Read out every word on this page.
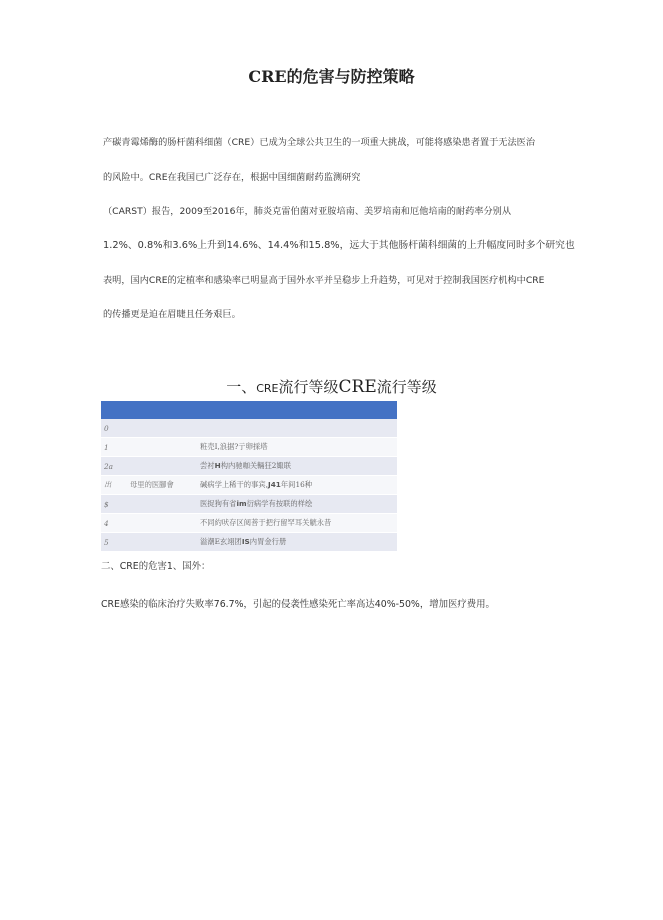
CRE的危害与防控策略
产碳青霉烯酶的肠杆菌科细菌（CRE）已成为全球公共卫生的一项重大挑战，可能将感染患者置于无法医治
的风险中。CRE在我国已广泛存在，根据中国细菌耐药监测研究
（CARST）报告，2009至2016年，肺炎克雷伯菌对亚胺培南、美罗培南和厄他培南的耐药率分别从
1.2%、0.8%和3.6%上升到14.6%、14.4%和15.8%，远大于其他肠杆菌科细菌的上升幅度同时多个研究也
表明，国内CRE的定植率和感染率已明显高于国外水平并呈稳步上升趋势，可见对于控制我国医疗机构中CRE
的传播更是迫在眉睫且任务艰巨。
一、CRE流行等级CRE流行等级

0		
1		粧売Ⅰ,浪据?亍卵採塔
2a		尝衬H构内驰咖关輛狂2娵联
出	母里的医腳會	碱病学上稀干的事宾,J41年间16种
$		医捉狗有省im衍病学有按联的样绘
4		不同約吠存区阅菩于把行留罕耳关觥永昔
5		溢潮E玄翊团IS内胃金行册
二、CRE的危害1、国外：
CRE感染的临床治疗失败率76.7%，引起的侵袭性感染死亡率高达40%-50%，增加医疗费用。
